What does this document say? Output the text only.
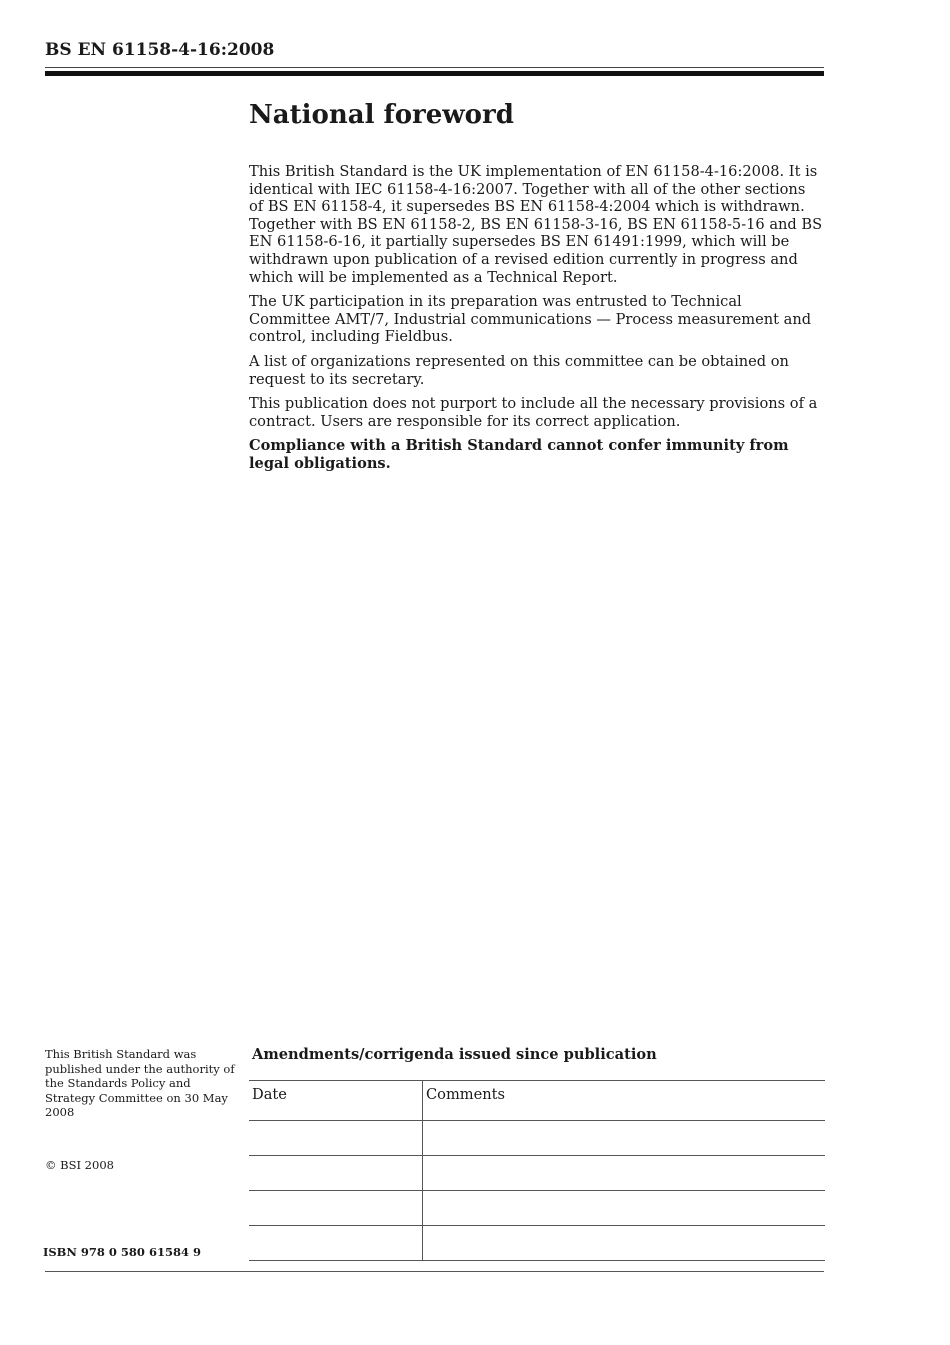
BS EN 61158-4-16:2008
National foreword

This British Standard is the UK implementation of EN 61158-4-16:2008. It is identical with IEC 61158-4-16:2007. Together with all of the other sections of BS EN 61158-4, it supersedes BS EN 61158-4:2004 which is withdrawn. Together with BS EN 61158-2, BS EN 61158-3-16, BS EN 61158-5-16 and BS EN 61158-6-16, it partially supersedes BS EN 61491:1999, which will be withdrawn upon publication of a revised edition currently in progress and which will be implemented as a Technical Report.

The UK participation in its preparation was entrusted to Technical Committee AMT/7, Industrial communications — Process measurement and control, including Fieldbus.

A list of organizations represented on this committee can be obtained on request to its secretary.

This publication does not purport to include all the necessary provisions of a contract. Users are responsible for its correct application.

Compliance with a British Standard cannot confer immunity from legal obligations.

This British Standard was published under the authority of the Standards Policy and Strategy Committee on 30 May 2008

© BSI 2008

ISBN 978 0 580 61584 9

Amendments/corrigenda issued since publication

Date	Comments
